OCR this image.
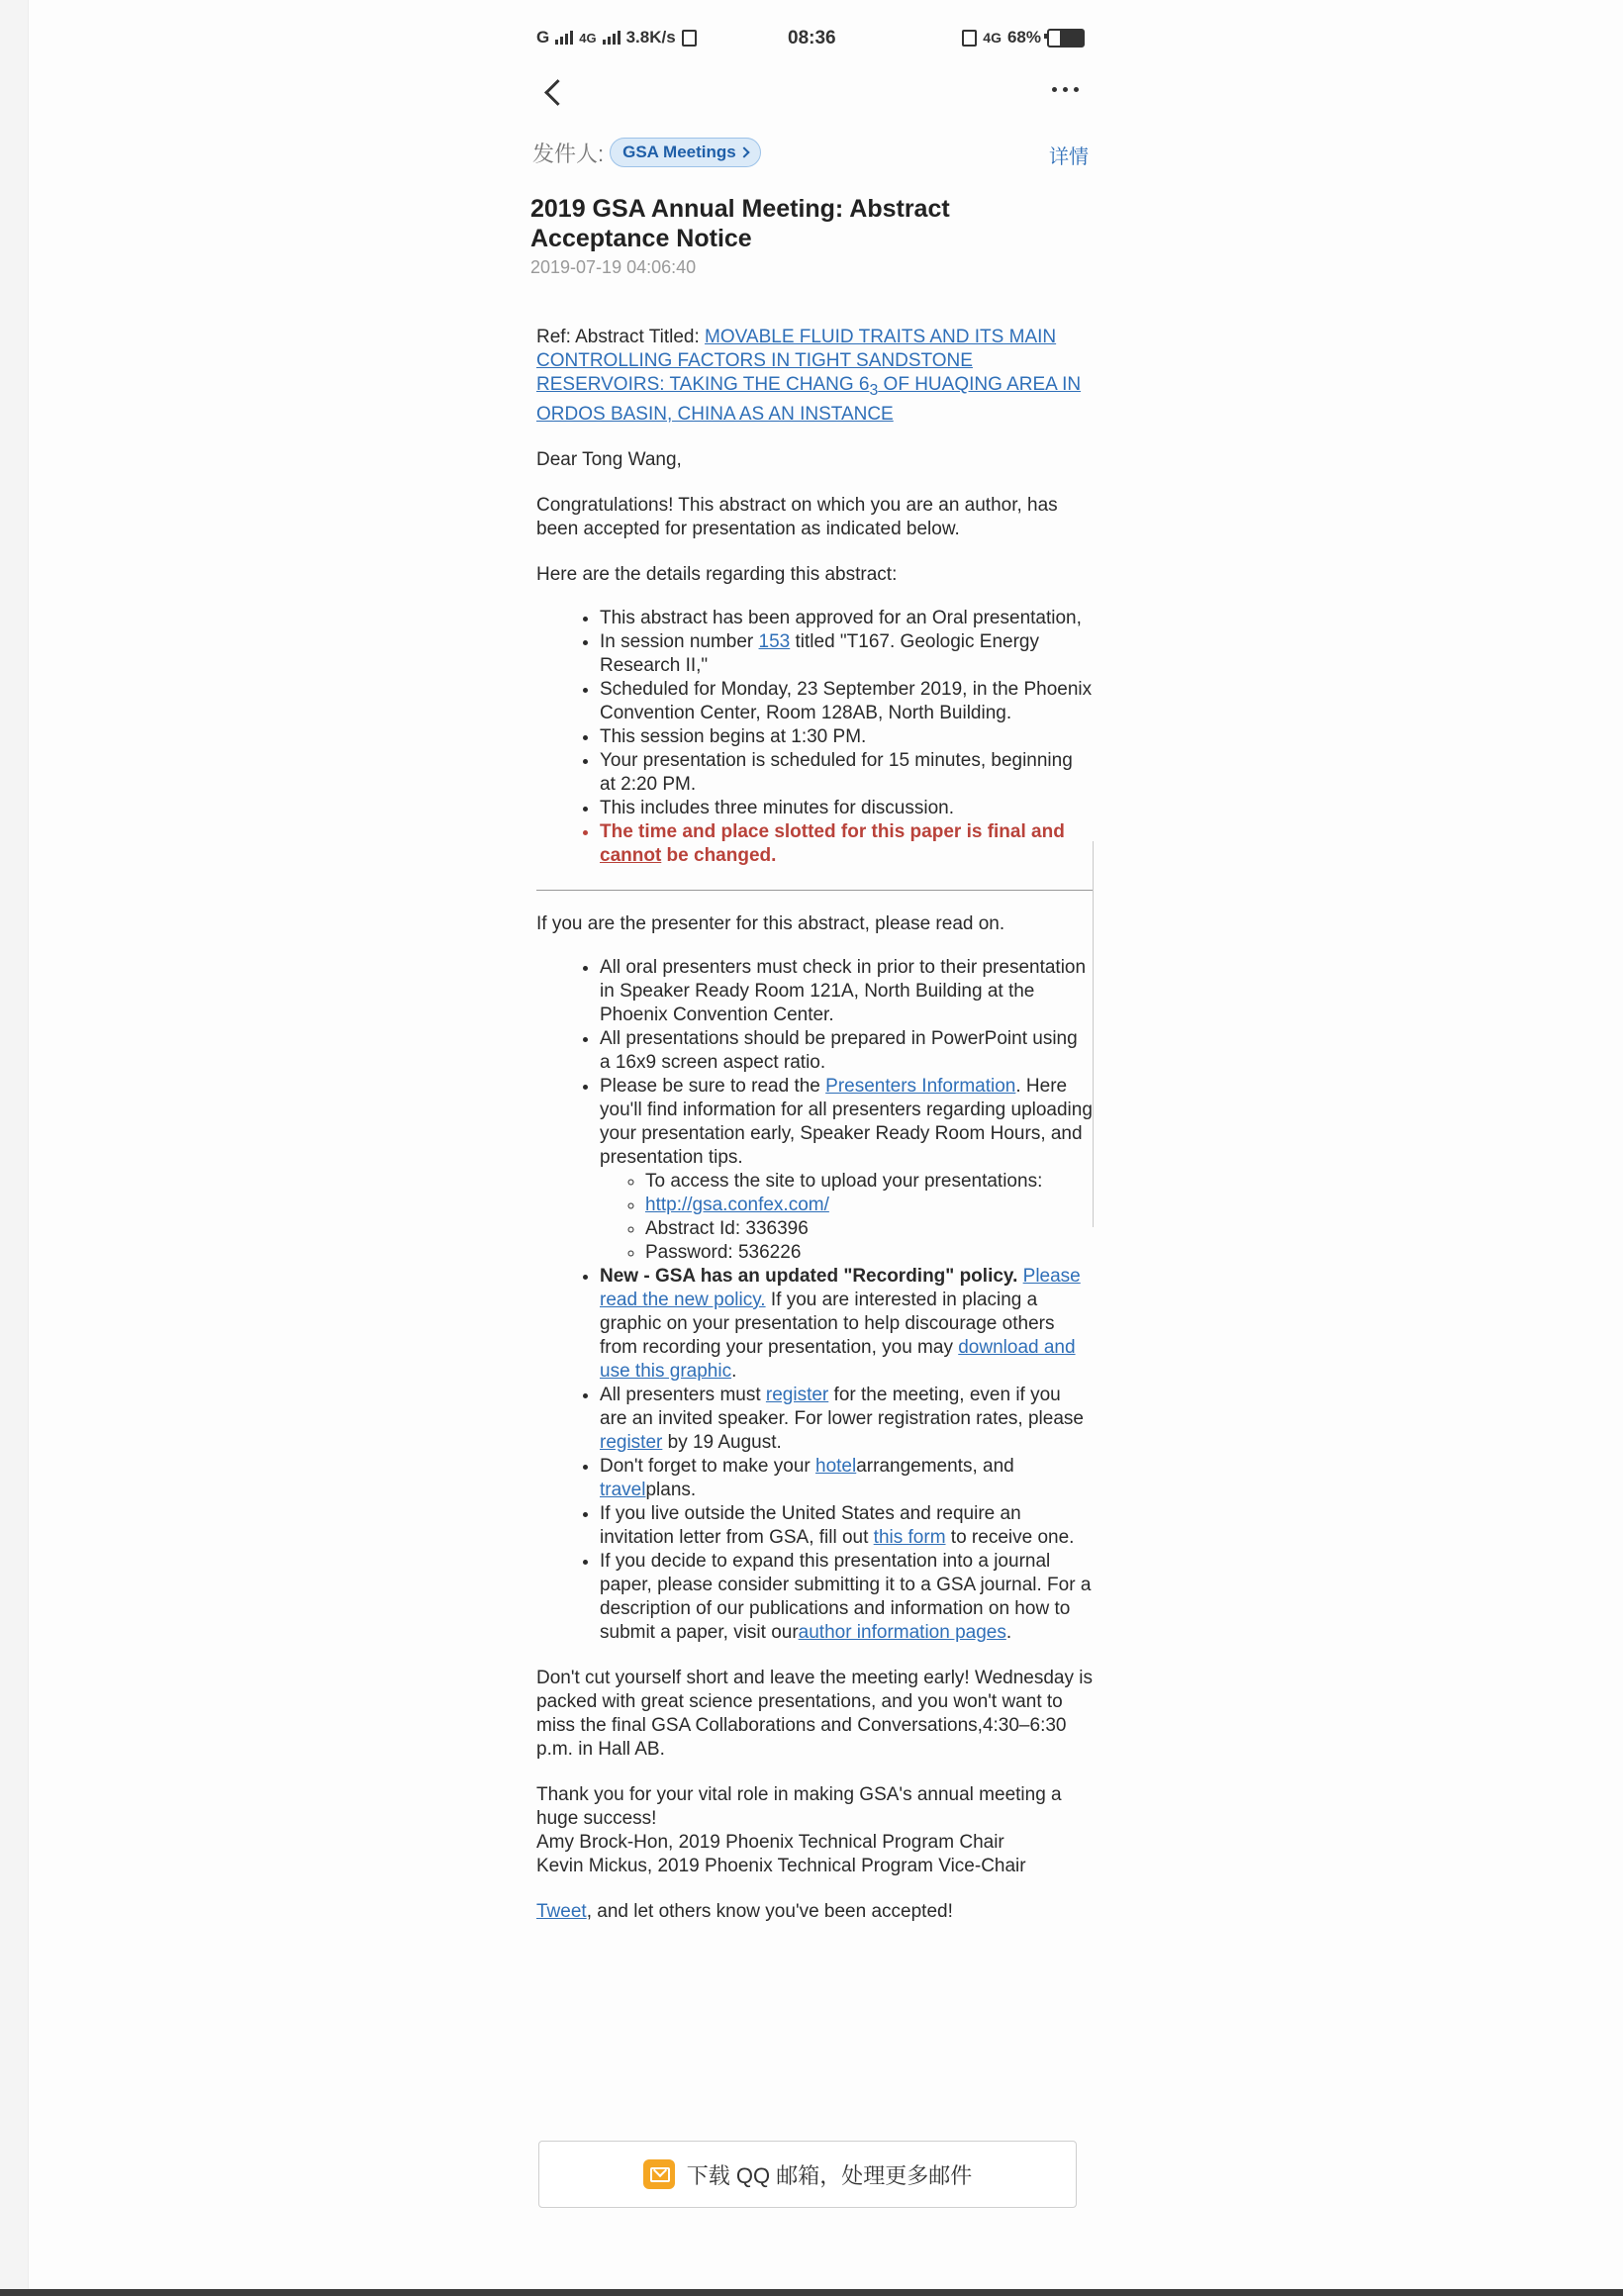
G 4G 3.8K/s	08:36	4G 68%
发件人: GSA Meetings	详情
2019 GSA Annual Meeting: Abstract Acceptance Notice
2019-07-19 04:06:40

Ref: Abstract Titled: MOVABLE FLUID TRAITS AND ITS MAIN CONTROLLING FACTORS IN TIGHT SANDSTONE RESERVOIRS: TAKING THE CHANG $6_3$ OF HUAQING AREA IN ORDOS BASIN, CHINA AS AN INSTANCE

Dear Tong Wang,

Congratulations! This abstract on which you are an author, has been accepted for presentation as indicated below.

Here are the details regarding this abstract:

• This abstract has been approved for an Oral presentation,
• In session number 153 titled "T167. Geologic Energy Research II,"
• Scheduled for Monday, 23 September 2019, in the Phoenix Convention Center, Room 128AB, North Building.
• This session begins at 1:30 PM.
• Your presentation is scheduled for 15 minutes, beginning at 2:20 PM.
• This includes three minutes for discussion.
• The time and place slotted for this paper is final and cannot be changed.

If you are the presenter for this abstract, please read on.

• All oral presenters must check in prior to their presentation in Speaker Ready Room 121A, North Building at the Phoenix Convention Center.
• All presentations should be prepared in PowerPoint using a 16x9 screen aspect ratio.
• Please be sure to read the Presenters Information. Here you'll find information for all presenters regarding uploading your presentation early, Speaker Ready Room Hours, and presentation tips.
◦ To access the site to upload your presentations:
◦ http://gsa.confex.com/
◦ Abstract Id: 336396
◦ Password: 536226
• New - GSA has an updated "Recording" policy. Please read the new policy. If you are interested in placing a graphic on your presentation to help discourage others from recording your presentation, you may download and use this graphic.
• All presenters must register for the meeting, even if you are an invited speaker. For lower registration rates, please register by 19 August.
• Don't forget to make your hotelarrangements, and travelplans.
• If you live outside the United States and require an invitation letter from GSA, fill out this form to receive one.
• If you decide to expand this presentation into a journal paper, please consider submitting it to a GSA journal. For a description of our publications and information on how to submit a paper, visit ourauthor information pages.

Don't cut yourself short and leave the meeting early! Wednesday is packed with great science presentations, and you won't want to miss the final GSA Collaborations and Conversations,4:30–6:30 p.m. in Hall AB.

Thank you for your vital role in making GSA's annual meeting a huge success!

Amy Brock-Hon, 2019 Phoenix Technical Program Chair

Kevin Mickus, 2019 Phoenix Technical Program Vice-Chair

Tweet, and let others know you've been accepted!

下载 QQ 邮箱，处理更多邮件
